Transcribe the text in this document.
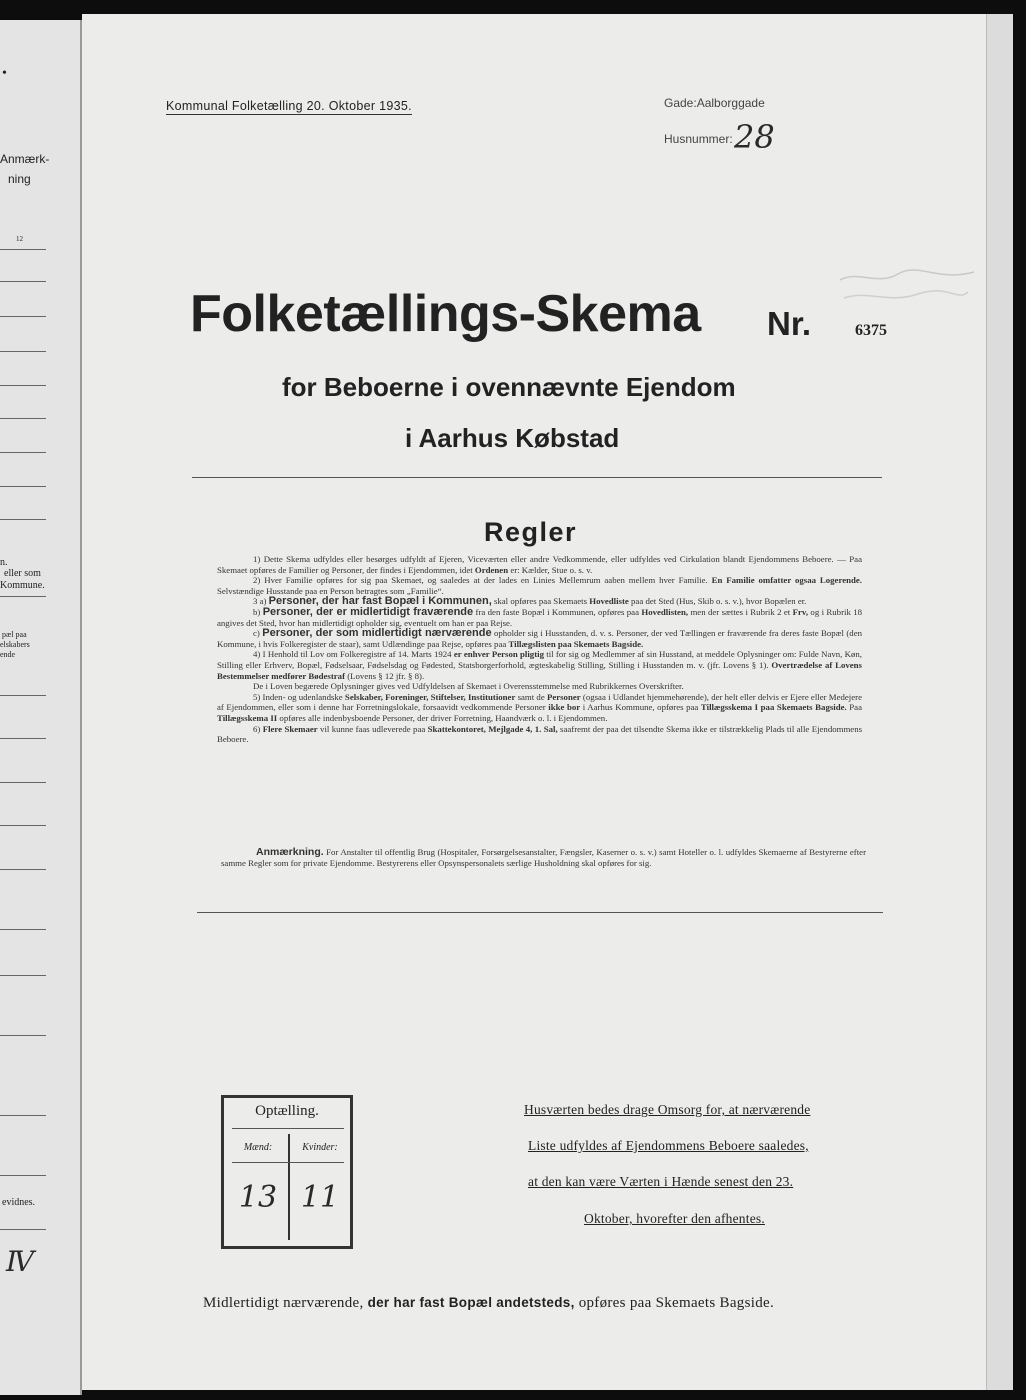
•
Anmærk-
ning
12
n.
eller som
Kommune.
pæl paa
elskabers
ende
evidnes.
Ⅳ
Kommunal Folketælling 20. Oktober 1935.	Gade:Aalborggade
Husnummer: 28
Folketællings-Skema Nr.	6375
for Beboerne i ovennævnte Ejendom
i Aarhus Købstad
Regler

1) Dette Skema udfyldes eller besørges udfyldt af Ejeren, Viceværten eller andre Vedkommende, eller udfyldes ved Cirkulation blandt Ejendommens Beboere. — Paa Skemaet opføres de Familier og Personer, der findes i Ejendommen, idet Ordenen er: Kælder, Stue o. s. v.

2) Hver Familie opføres for sig paa Skemaet, og saaledes at der lades en Linies Mellemrum aaben mellem hver Familie. En Familie omfatter ogsaa Logerende. Selvstændige Husstande paa en Person betragtes som „Familie“.

3 a) Personer, der har fast Bopæl i Kommunen, skal opføres paa Skemaets Hovedliste paa det Sted (Hus, Skib o. s. v.), hvor Bopælen er.

b) Personer, der er midlertidigt fraværende fra den faste Bopæl i Kommunen, opføres paa Hovedlisten, men der sættes i Rubrik 2 et Frv, og i Rubrik 18 angives det Sted, hvor han midlertidigt opholder sig, eventuelt om han er paa Rejse.

c) Personer, der som midlertidigt nærværende opholder sig i Husstanden, d. v. s. Personer, der ved Tællingen er fraværende fra deres faste Bopæl (den Kommune, i hvis Folkeregister de staar), samt Udlændinge paa Rejse, opføres paa Tillægslisten paa Skemaets Bagside.

4) I Henhold til Lov om Folkeregistre af 14. Marts 1924 er enhver Person pligtig til for sig og Medlemmer af sin Husstand, at meddele Oplysninger om: Fulde Navn, Køn, Stilling eller Erhverv, Bopæl, Fødselsaar, Fødselsdag og Fødested, Statsborgerforhold, ægteskabelig Stilling, Stilling i Husstanden m. v. (jfr. Lovens § 1). Overtrædelse af Lovens Bestemmelser medfører Bødestraf (Lovens § 12 jfr. § 8).

De i Loven begærede Oplysninger gives ved Udfyldelsen af Skemaet i Overensstemmelse med Rubrikkernes Overskrifter.

5) Inden- og udenlandske Selskaber, Foreninger, Stiftelser, Institutioner samt de Personer (ogsaa i Udlandet hjemmehørende), der helt eller delvis er Ejere eller Medejere af Ejendommen, eller som i denne har Forretningslokale, forsaavidt vedkommende Personer ikke bor i Aarhus Kommune, opføres paa Tillægsskema I paa Skemaets Bagside. Paa Tillægsskema II opføres alle indenbysboende Personer, der driver Forretning, Haandværk o. l. i Ejendommen.

6) Flere Skemaer vil kunne faas udleverede paa Skattekontoret, Mejlgade 4, 1. Sal, saafremt der paa det tilsendte Skema ikke er tilstrækkelig Plads til alle Ejendommens Beboere.

Anmærkning. For Anstalter til offentlig Brug (Hospitaler, Forsørgelsesanstalter, Fængsler, Kaserner o. s. v.) samt Hoteller o. l. udfyldes Skemaerne af Bestyrerne efter samme Regler som for private Ejendomme. Bestyrerens eller Opsynspersonalets særlige Husholdning skal opføres for sig.
Optælling.
Mænd:	Kvinder:
13 11
Husværten bedes drage Omsorg for, at nærværende
Liste udfyldes af Ejendommens Beboere saaledes,
at den kan være Værten i Hænde senest den 23.
Oktober, hvorefter den afhentes.
Midlertidigt nærværende, der har fast Bopæl andetsteds, opføres paa Skemaets Bagside.
